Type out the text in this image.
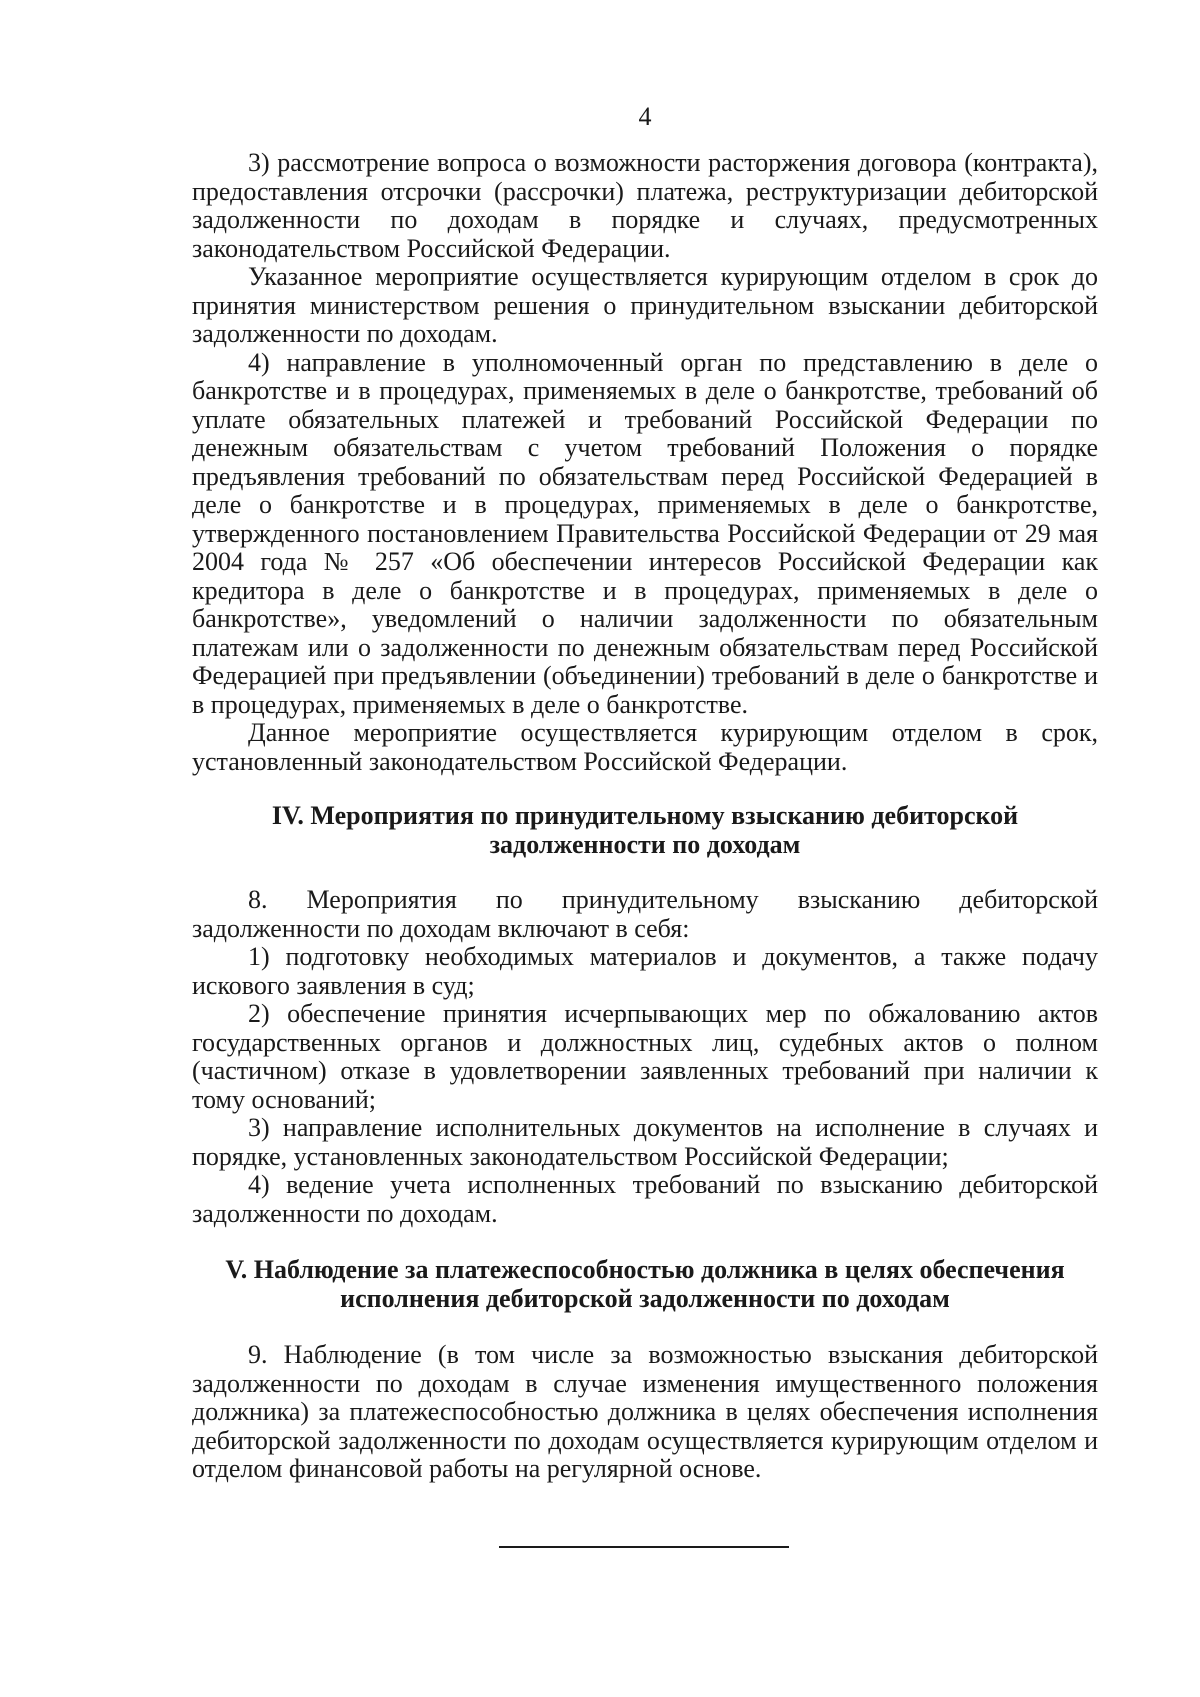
4

3) рассмотрение вопроса о возможности расторжения договора (контракта), предоставления отсрочки (рассрочки) платежа, реструктуризации дебиторской задолженности по доходам в порядке и случаях, предусмотренных законодательством Российской Федерации.

Указанное мероприятие осуществляется курирующим отделом в срок до принятия министерством решения о принудительном взыскании дебиторской задолженности по доходам.

4) направление в уполномоченный орган по представлению в деле о банкротстве и в процедурах, применяемых в деле о банкротстве, требований об уплате обязательных платежей и требований Российской Федерации по денежным обязательствам с учетом требований Положения о порядке предъявления требований по обязательствам перед Российской Федерацией в деле о банкротстве и в процедурах, применяемых в деле о банкротстве, утвержденного постановлением Правительства Российской Федерации от 29 мая 2004 года № 257 «Об обеспечении интересов Российской Федерации как кредитора в деле о банкротстве и в процедурах, применяемых в деле о банкротстве», уведомлений о наличии задолженности по обязательным платежам или о задолженности по денежным обязательствам перед Российской Федерацией при предъявлении (объединении) требований в деле о банкротстве и в процедурах, применяемых в деле о банкротстве.

Данное мероприятие осуществляется курирующим отделом в срок, установленный законодательством Российской Федерации.

IV. Мероприятия по принудительному взысканию дебиторской
задолженности по доходам

8. Мероприятия по принудительному взысканию дебиторской задолженности по доходам включают в себя:

1) подготовку необходимых материалов и документов, а также подачу искового заявления в суд;

2) обеспечение принятия исчерпывающих мер по обжалованию актов государственных органов и должностных лиц, судебных актов о полном (частичном) отказе в удовлетворении заявленных требований при наличии к тому оснований;

3) направление исполнительных документов на исполнение в случаях и порядке, установленных законодательством Российской Федерации;

4) ведение учета исполненных требований по взысканию дебиторской задолженности по доходам.

V. Наблюдение за платежеспособностью должника в целях обеспечения
исполнения дебиторской задолженности по доходам

9. Наблюдение (в том числе за возможностью взыскания дебиторской задолженности по доходам в случае изменения имущественного положения должника) за платежеспособностью должника в целях обеспечения исполнения дебиторской задолженности по доходам осуществляется курирующим отделом и отделом финансовой работы на регулярной основе.
